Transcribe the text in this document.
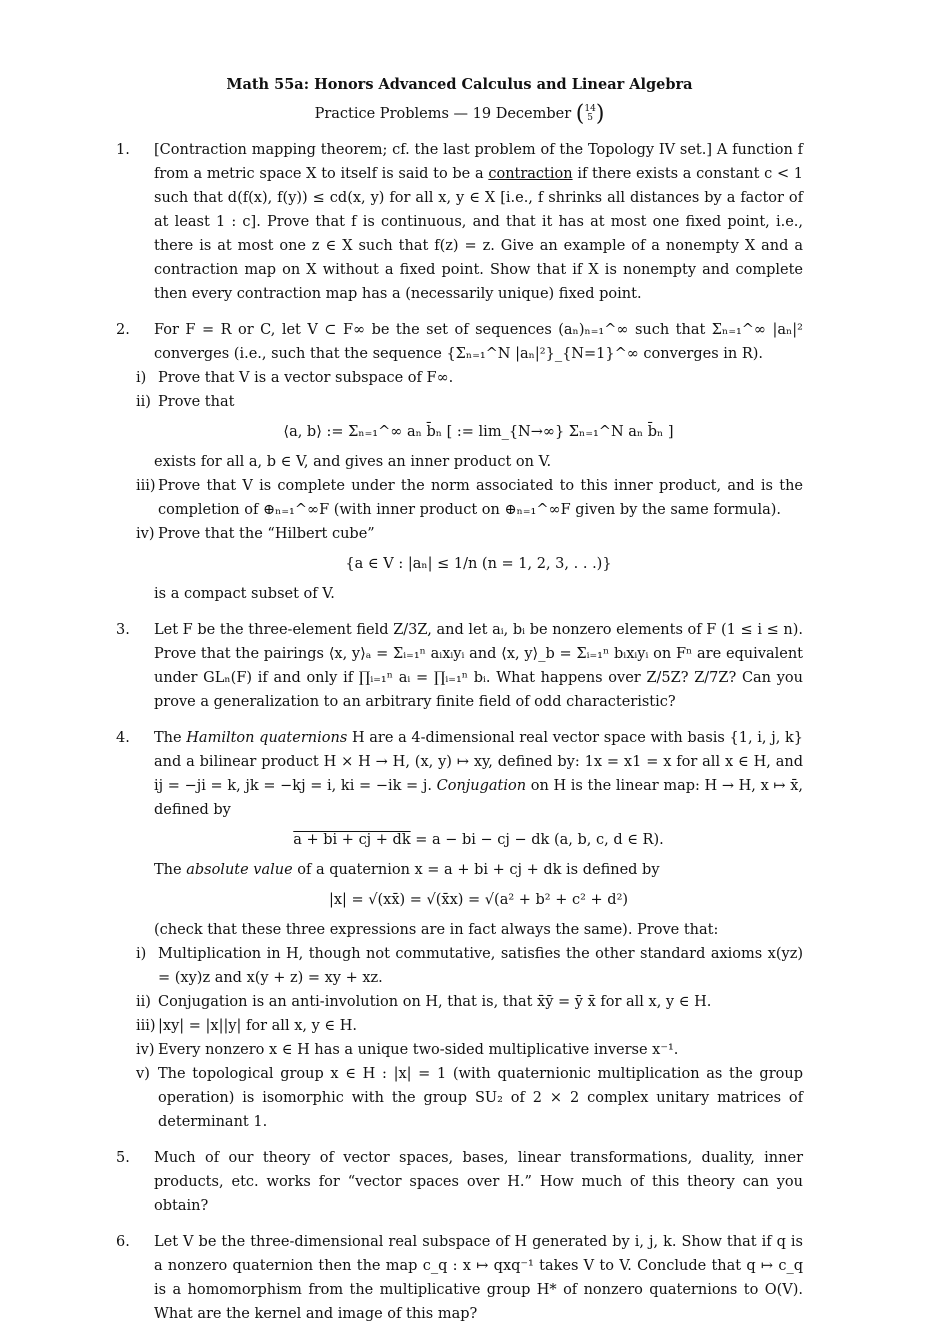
Math 55a: Honors Advanced Calculus and Linear Algebra
Practice Problems — 19 December (14
5 )
1.	[Contraction mapping theorem; cf. the last problem of the Topology IV set.] A function f from a metric space X to itself is said to be a contraction if there exists a constant c < 1 such that d(f(x), f(y)) ≤ cd(x, y) for all x, y ∈ X [i.e., f shrinks all distances by a factor of at least 1 : c]. Prove that f is continuous, and that it has at most one fixed point, i.e., there is at most one z ∈ X such that f(z) = z. Give an example of a nonempty X and a contraction map on X without a fixed point. Show that if X is nonempty and complete then every contraction map has a (necessarily unique) fixed point.

2.	For F = R or C, let V ⊂ F∞ be the set of sequences (aₙ)ₙ₌₁^∞ such that Σₙ₌₁^∞ |aₙ|² converges (i.e., such that the sequence {Σₙ₌₁^N |aₙ|²}_{N=1}^∞ converges in R).

i) Prove that V is a vector subspace of F∞.
ii) Prove that
⟨a, b⟩ := Σₙ₌₁^∞ aₙ b̄ₙ [ := lim_{N→∞} Σₙ₌₁^N aₙ b̄ₙ ]

exists for all a, b ∈ V, and gives an inner product on V.

iii) Prove that V is complete under the norm associated to this inner product, and is the completion of ⊕ₙ₌₁^∞F (with inner product on ⊕ₙ₌₁^∞F given by the same formula).
iv) Prove that the “Hilbert cube”
{a ∈ V : |aₙ| ≤ 1/n (n = 1, 2, 3, . . .)}

is a compact subset of V.

3.	Let F be the three-element field Z/3Z, and let aᵢ, bᵢ be nonzero elements of F (1 ≤ i ≤ n). Prove that the pairings ⟨x, y⟩ₐ = Σᵢ₌₁ⁿ aᵢxᵢyᵢ and ⟨x, y⟩_b = Σᵢ₌₁ⁿ bᵢxᵢyᵢ on Fⁿ are equivalent under GLₙ(F) if and only if ∏ᵢ₌₁ⁿ aᵢ = ∏ᵢ₌₁ⁿ bᵢ. What happens over Z/5Z? Z/7Z? Can you prove a generalization to an arbitrary finite field of odd characteristic?

4.	The Hamilton quaternions H are a 4-dimensional real vector space with basis {1, i, j, k} and a bilinear product H × H → H, (x, y) ↦ xy, defined by: 1x = x1 = x for all x ∈ H, and ij = −ji = k, jk = −kj = i, ki = −ik = j. Conjugation on H is the linear map: H → H, x ↦ x̄, defined by

a + bi + cj + dk = a − bi − cj − dk (a, b, c, d ∈ R).

The absolute value of a quaternion x = a + bi + cj + dk is defined by

|x| = √(xx̄) = √(x̄x) = √(a² + b² + c² + d²)

(check that these three expressions are in fact always the same). Prove that:

i) Multiplication in H, though not commutative, satisfies the other standard axioms x(yz) = (xy)z and x(y + z) = xy + xz.
ii) Conjugation is an anti-involution on H, that is, that x̄ȳ = ȳ x̄ for all x, y ∈ H.
iii) |xy| = |x||y| for all x, y ∈ H.
iv) Every nonzero x ∈ H has a unique two-sided multiplicative inverse x⁻¹.
v) The topological group x ∈ H : |x| = 1 (with quaternionic multiplication as the group operation) is isomorphic with the group SU₂ of 2 × 2 complex unitary matrices of determinant 1.
5.	Much of our theory of vector spaces, bases, linear transformations, duality, inner products, etc. works for “vector spaces over H.” How much of this theory can you obtain?

6.	Let V be the three-dimensional real subspace of H generated by i, j, k. Show that if q is a nonzero quaternion then the map c_q : x ↦ qxq⁻¹ takes V to V. Conclude that q ↦ c_q is a homomorphism from the multiplicative group H* of nonzero quaternions to O(V). What are the kernel and image of this map?
